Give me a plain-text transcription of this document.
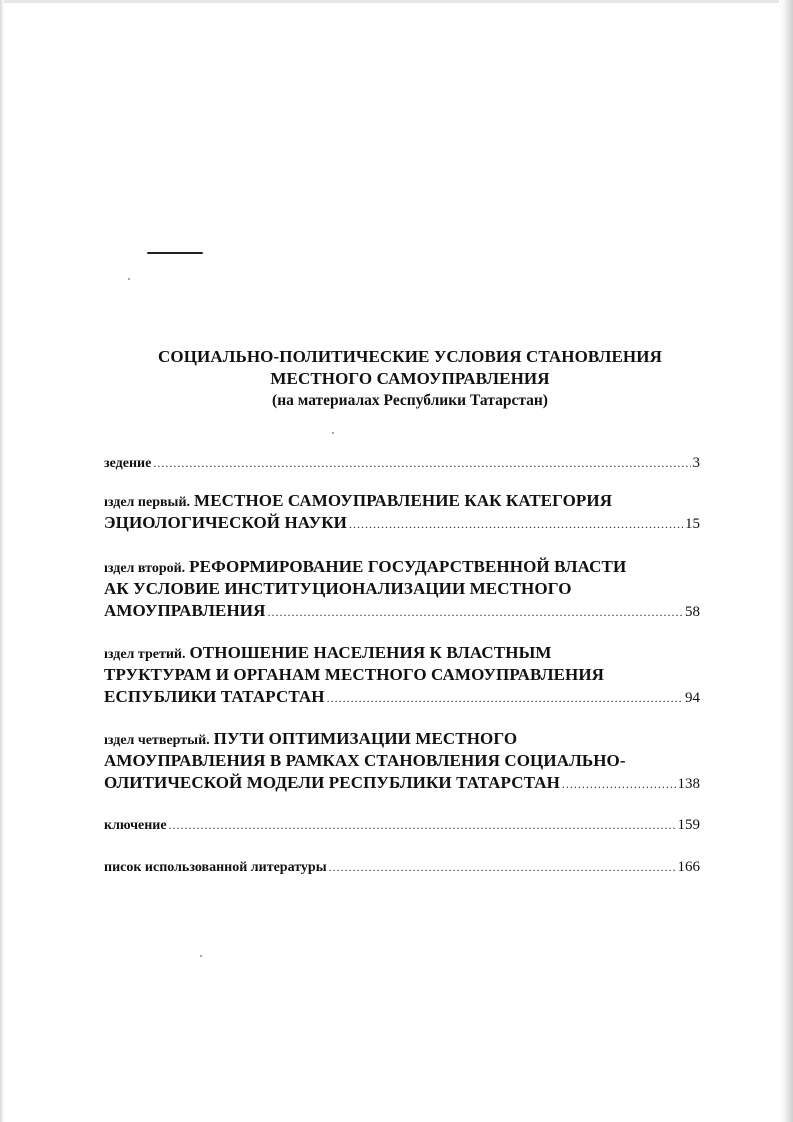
СОЦИАЛЬНО-ПОЛИТИЧЕСКИЕ УСЛОВИЯ СТАНОВЛЕНИЯ
МЕСТНОГО САМОУПРАВЛЕНИЯ
(на материалах Республики Татарстан)
зедение .....	3
ıздел первый. МЕСТНОЕ САМОУПРАВЛЕНИЕ КАК КАТЕГОРИЯ
ЭЦИОЛОГИЧЕСКОЙ НАУКИ .....	15
ıздел второй. РЕФОРМИРОВАНИЕ ГОСУДАРСТВЕННОЙ ВЛАСТИ
АК УСЛОВИЕ ИНСТИТУЦИОНАЛИЗАЦИИ МЕСТНОГО
АМОУПРАВЛЕНИЯ .....	58
ıздел третий. ОТНОШЕНИЕ НАСЕЛЕНИЯ К ВЛАСТНЫМ
ТРУКТУРАМ И ОРГАНАМ МЕСТНОГО САМОУПРАВЛЕНИЯ
ЕСПУБЛИКИ ТАТАРСТАН .....	94
ıздел четвертый. ПУТИ ОПТИМИЗАЦИИ МЕСТНОГО
АМОУПРАВЛЕНИЯ В РАМКАХ СТАНОВЛЕНИЯ СОЦИАЛЬНО-
ОЛИТИЧЕСКОЙ МОДЕЛИ РЕСПУБЛИКИ ТАТАРСТАН .....	138
ключение .....	159
писок использованной литературы .....	166
